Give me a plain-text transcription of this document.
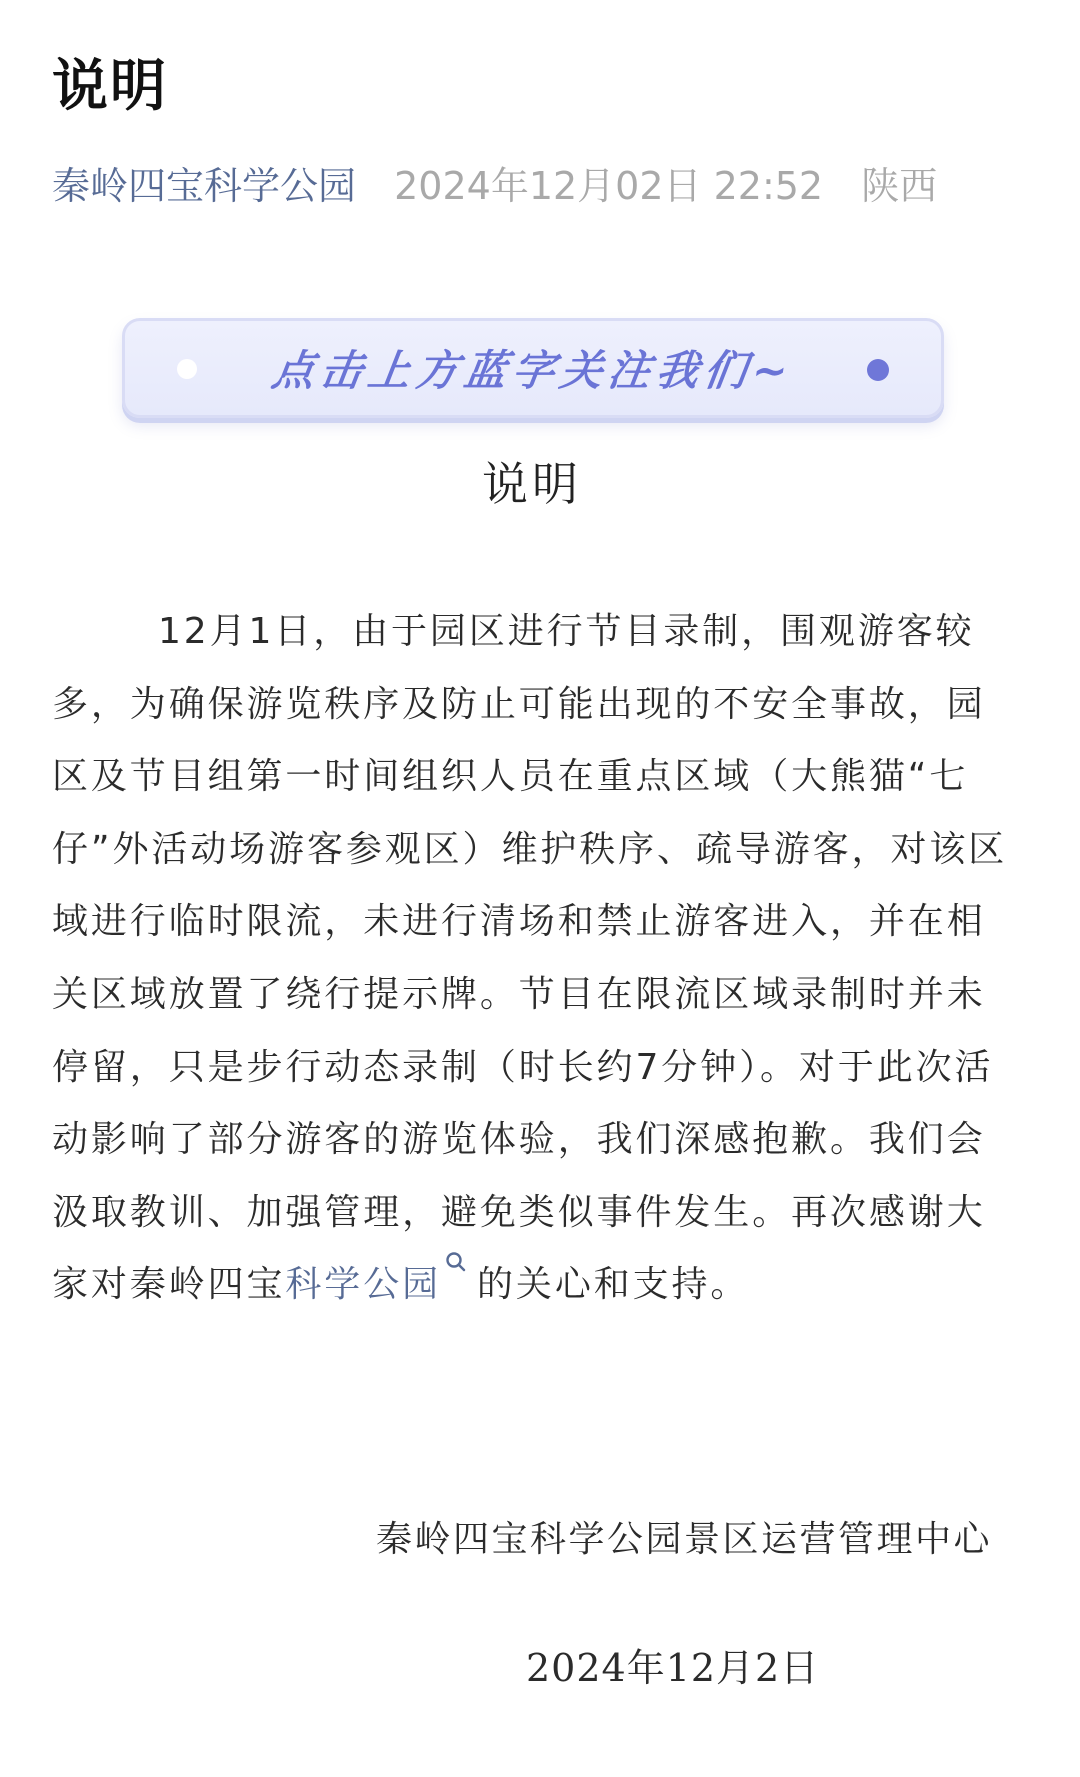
说明
秦岭四宝科学公园 2024年12月02日 22:52 陕西
点击上方蓝字关注我们~
说明
12月1日，由于园区进行节目录制，围观游客较
多，为确保游览秩序及防止可能出现的不安全事故，园
区及节目组第一时间组织人员在重点区域（大熊猫“七
仔”外活动场游客参观区）维护秩序、疏导游客，对该区
域进行临时限流，未进行清场和禁止游客进入，并在相
关区域放置了绕行提示牌。节目在限流区域录制时并未
停留，只是步行动态录制（时长约7分钟）。对于此次活
动影响了部分游客的游览体验，我们深感抱歉。我们会
汲取教训、加强管理，避免类似事件发生。再次感谢大
家对秦岭四宝科学公园 的关心和支持。
秦岭四宝科学公园景区运营管理中心
2024年12月2日
